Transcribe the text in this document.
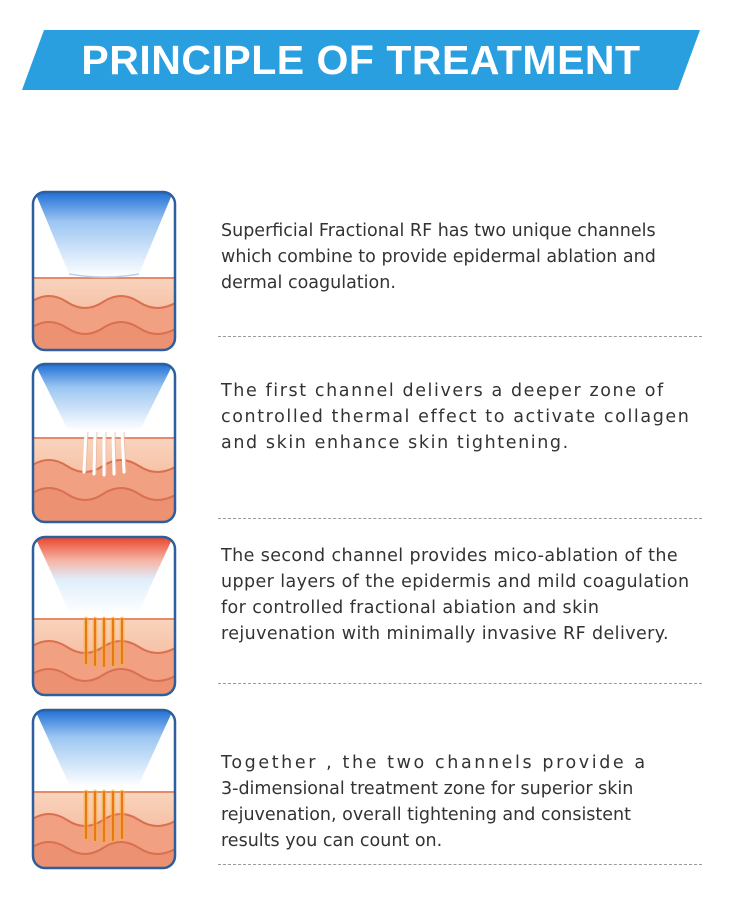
PRINCIPLE OF TREATMENT
Superficial Fractional RF has two unique channels which combine to provide epidermal ablation and dermal coagulation.
The first channel delivers a deeper zone of controlled thermal effect to activate collagen and skin enhance skin tightening.
The second channel provides mico-ablation of the upper layers of the epidermis and mild coagulation for controlled fractional abiation and skin rejuvenation with minimally invasive RF delivery.
Together , the two channels provide a
3-dimensional treatment zone for superior skin rejuvenation, overall tightening and consistent results you can count on.
